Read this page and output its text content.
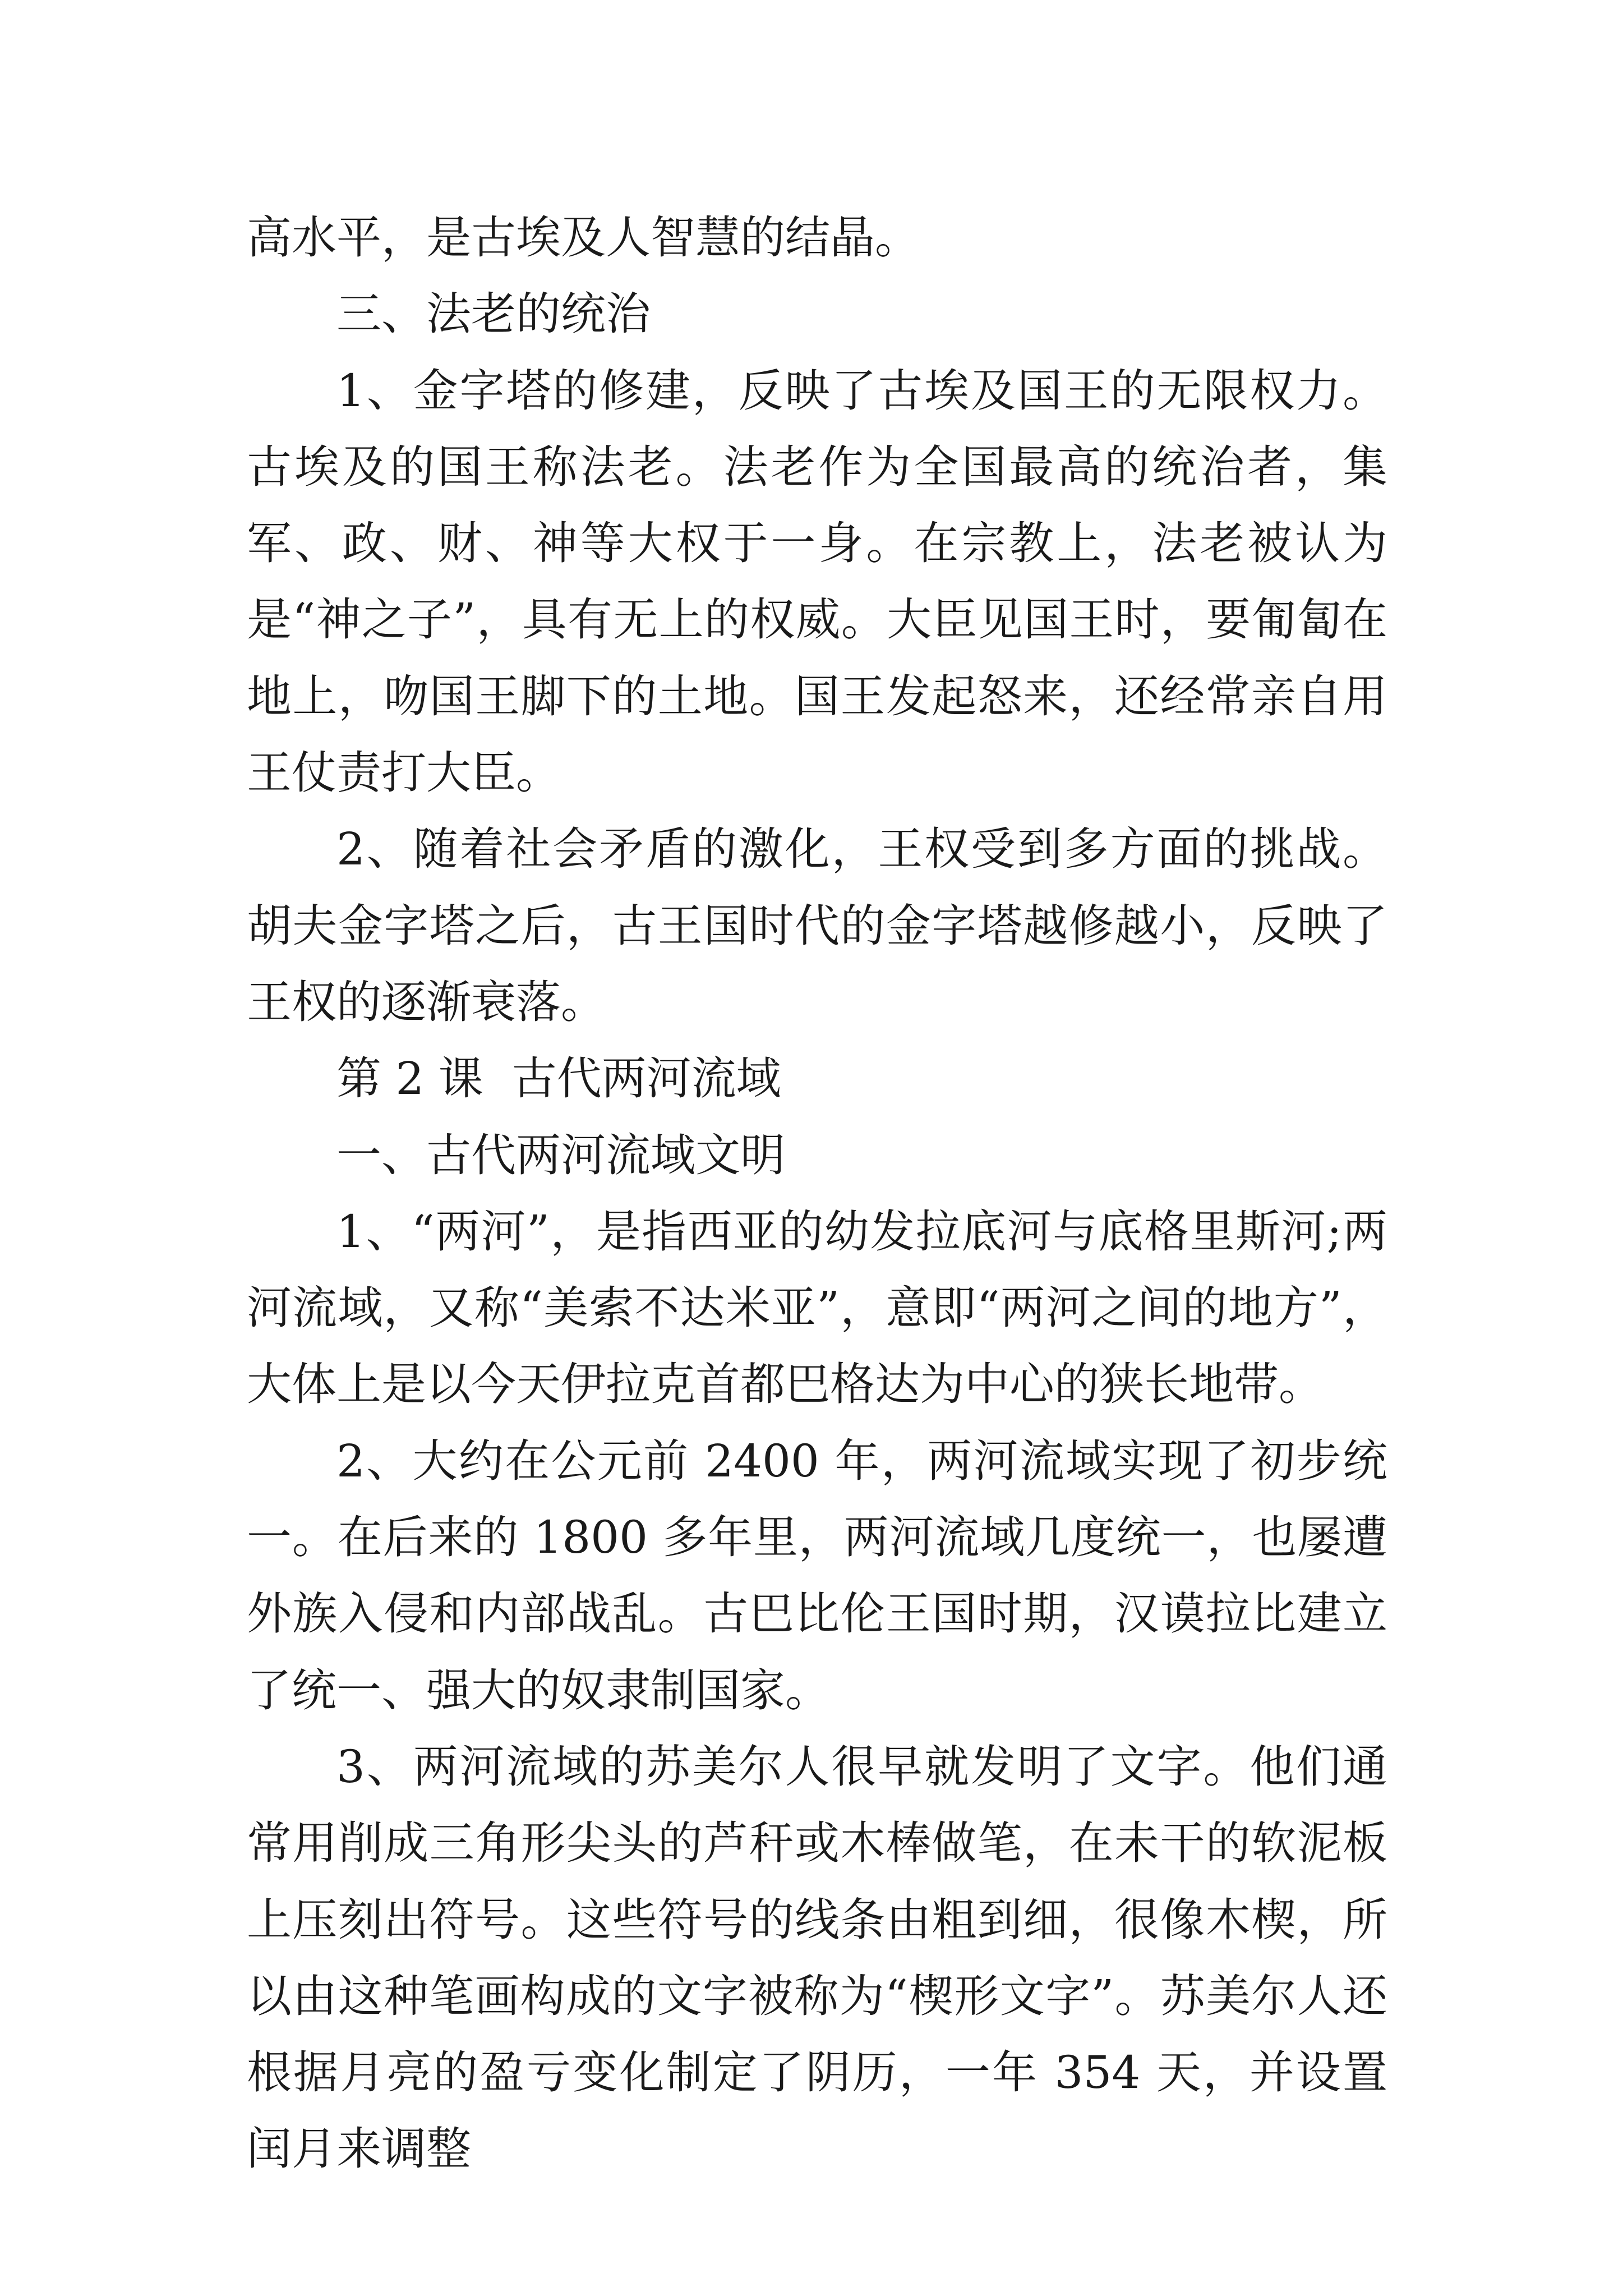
高水平，是古埃及人智慧的结晶。

三、法老的统治

1、金字塔的修建，反映了古埃及国王的无限权力。古埃及的国王称法老。法老作为全国最高的统治者，集军、政、财、神等大权于一身。在宗教上，法老被认为是“神之子”，具有无上的权威。大臣见国王时，要匍匐在地上，吻国王脚下的土地。国王发起怒来，还经常亲自用王仗责打大臣。

2、随着社会矛盾的激化，王权受到多方面的挑战。胡夫金字塔之后，古王国时代的金字塔越修越小，反映了王权的逐渐衰落。

第 2 课  古代两河流域

一、古代两河流域文明

1、“两河”，是指西亚的幼发拉底河与底格里斯河;两河流域，又称“美索不达米亚”，意即“两河之间的地方”，大体上是以今天伊拉克首都巴格达为中心的狭长地带。

2、大约在公元前 2400 年，两河流域实现了初步统一。在后来的 1800 多年里，两河流域几度统一，也屡遭外族入侵和内部战乱。古巴比伦王国时期，汉谟拉比建立了统一、强大的奴隶制国家。

3、两河流域的苏美尔人很早就发明了文字。他们通常用削成三角形尖头的芦秆或木棒做笔，在未干的软泥板上压刻出符号。这些符号的线条由粗到细，很像木楔，所以由这种笔画构成的文字被称为“楔形文字”。苏美尔人还根据月亮的盈亏变化制定了阴历，一年 354 天，并设置闰月来调整
